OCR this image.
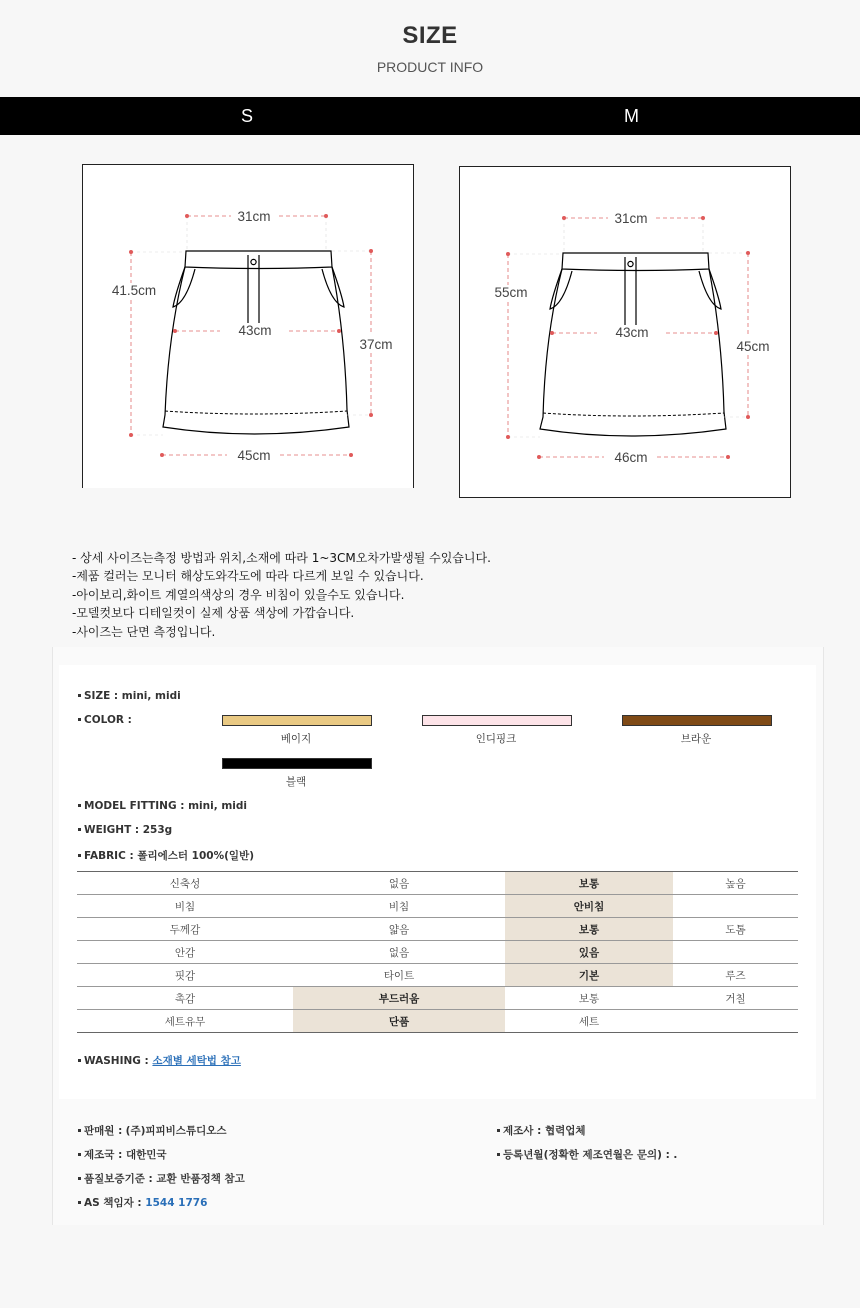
SIZE
PRODUCT INFO
S	M
31cm
41.5cm
43cm
37cm
45cm
31cm
55cm
43cm
45cm
46cm
- 상세 사이즈는측정 방법과 위치,소재에 따라 1~3CM오차가발생될 수있습니다.
-제품 컬러는 모니터 해상도와각도에 따라 다르게 보일 수 있습니다.
-아이보리,화이트 계열의색상의 경우 비침이 있을수도 있습니다.
-모델컷보다 디테일컷이 실제 상품 색상에 가깝습니다.
-사이즈는 단면 측정입니다.
SIZE : mini, midi
COLOR :
베이지	인디핑크	브라운
블랙
MODEL FITTING : mini, midi
WEIGHT : 253g
FABRIC : 폴리에스터 100%(일반)
신축성	없음	보통	높음
비침	비침	안비침	
두께감	얇음	보통	도톰
안감	없음	있음	
핏감	타이트	기본	루즈
촉감	부드러움	보통	거칠
세트유무	단품	세트	
WASHING : 소재별 세탁법 참고
판매원 : (주)피피비스튜디오스
제조국 : 대한민국
품질보증기준 : 교환 반품정책 참고
AS 책임자 : 1544 1776
제조사 : 협력업체
등록년월(정확한 제조연월은 문의) : .
